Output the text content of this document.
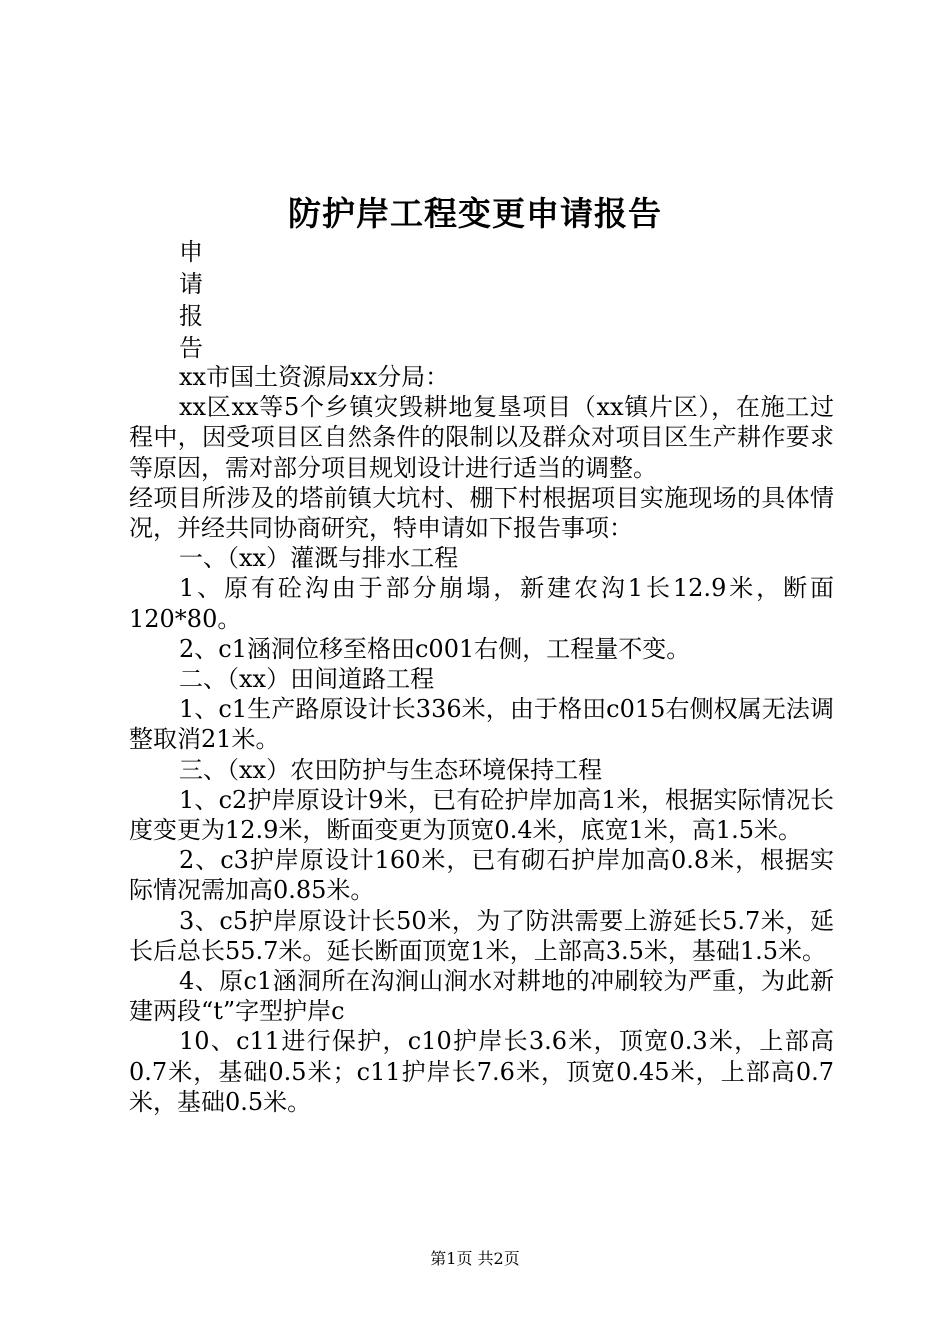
防护岸工程变更申请报告
申
请
报
告

xx市国土资源局xx分局：

xx区xx等5个乡镇灾毁耕地复垦项目（xx镇片区），在施工过程中，因受项目区自然条件的限制以及群众对项目区生产耕作要求等原因，需对部分项目规划设计进行适当的调整。

经项目所涉及的塔前镇大坑村、棚下村根据项目实施现场的具体情况，并经共同协商研究，特申请如下报告事项：

一、（xx）灌溉与排水工程

1、原有砼沟由于部分崩塌，新建农沟1长12.9米，断面120*80。

2、c1涵洞位移至格田c001右侧，工程量不变。

二、（xx）田间道路工程

1、c1生产路原设计长336米，由于格田c015右侧权属无法调整取消21米。

三、（xx）农田防护与生态环境保持工程

1、c2护岸原设计9米，已有砼护岸加高1米，根据实际情况长度变更为12.9米，断面变更为顶宽0.4米，底宽1米，高1.5米。

2、c3护岸原设计160米，已有砌石护岸加高0.8米，根据实际情况需加高0.85米。

3、c5护岸原设计长50米，为了防洪需要上游延长5.7米，延长后总长55.7米。延长断面顶宽1米，上部高3.5米，基础1.5米。

4、原c1涵洞所在沟涧山涧水对耕地的冲刷较为严重，为此新建两段“t”字型护岸c

10、c11进行保护，c10护岸长3.6米，顶宽0.3米，上部高0.7米，基础0.5米；c11护岸长7.6米，顶宽0.45米，上部高0.7米，基础0.5米。

第1页 共2页
